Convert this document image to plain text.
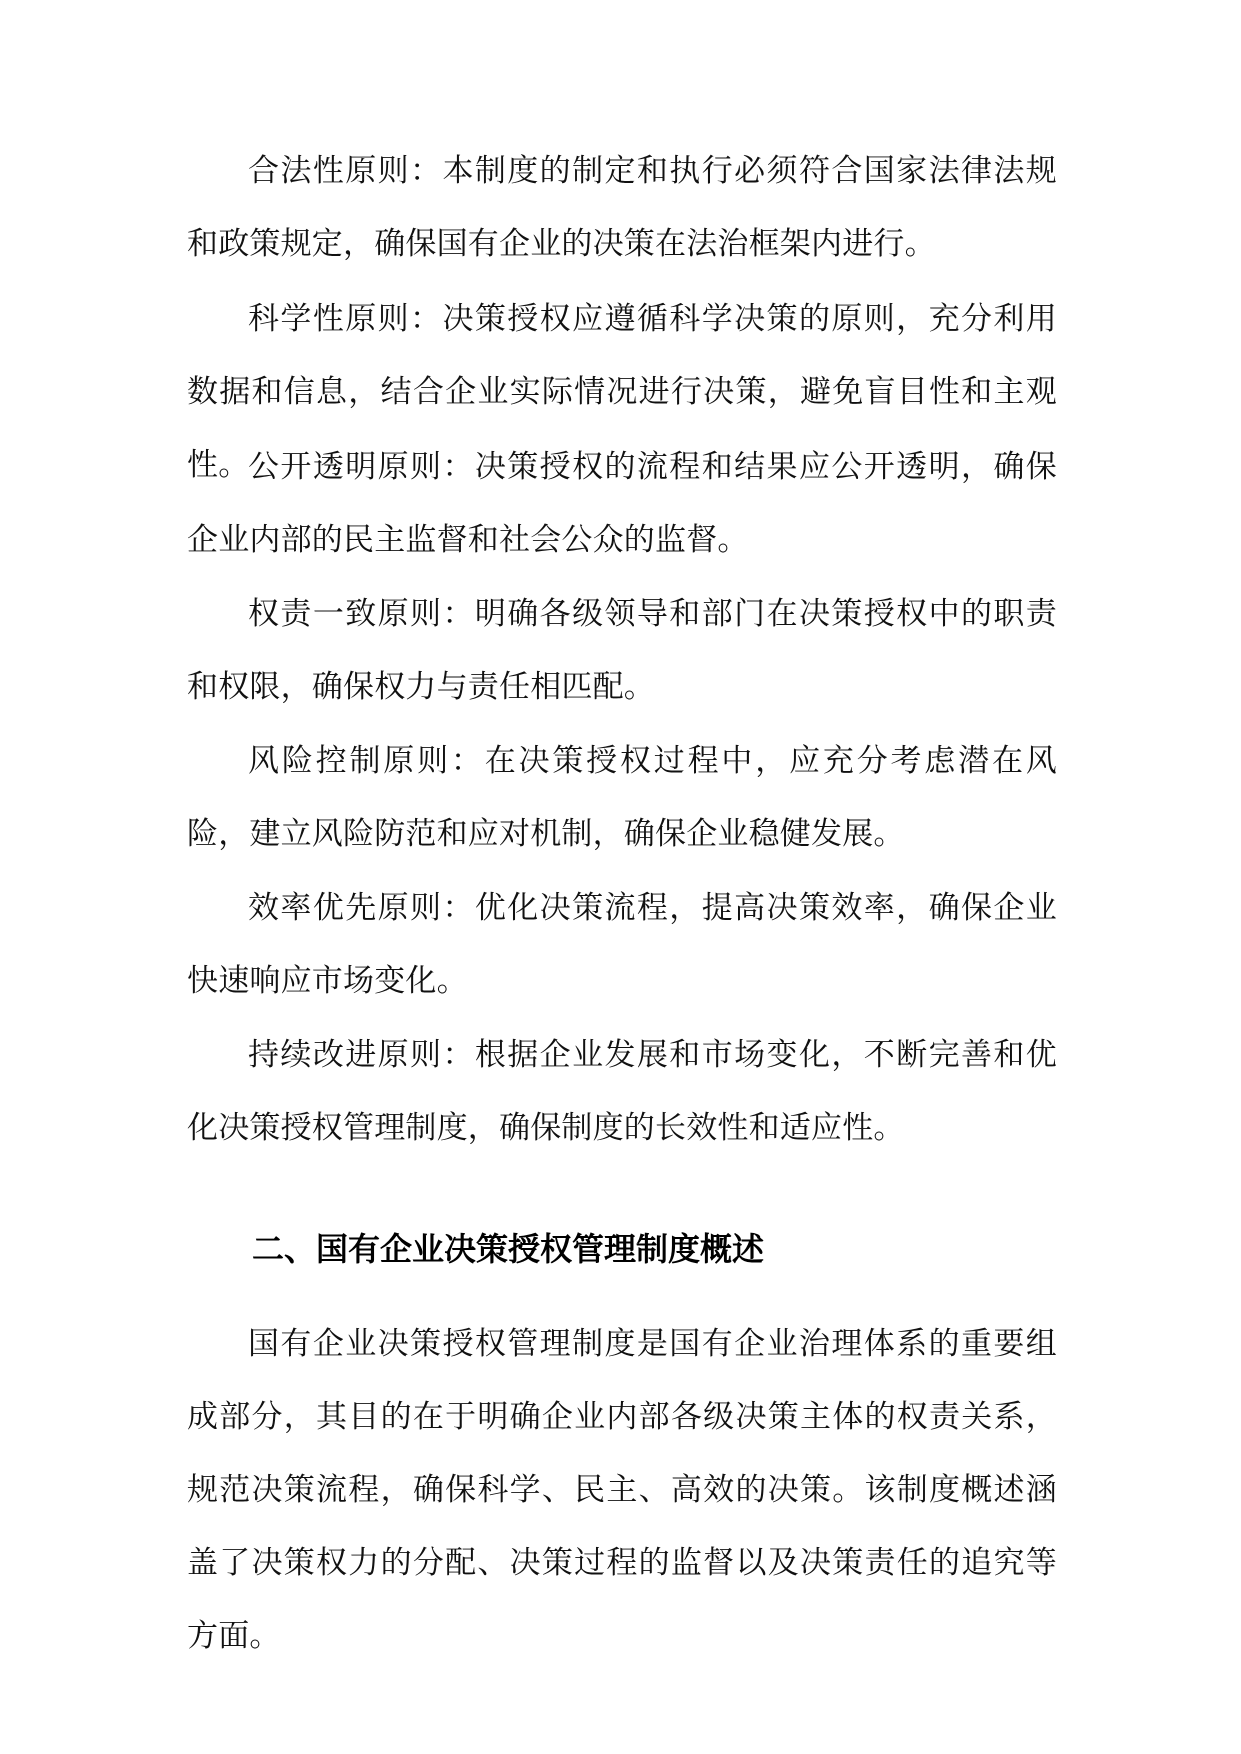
合法性原则：本制度的制定和执行必须符合国家法律法规和政策规定，确保国有企业的决策在法治框架内进行。

科学性原则：决策授权应遵循科学决策的原则，充分利用数据和信息，结合企业实际情况进行决策，避免盲目性和主观性。

公开透明原则：决策授权的流程和结果应公开透明，确保企业内部的民主监督和社会公众的监督。

权责一致原则：明确各级领导和部门在决策授权中的职责和权限，确保权力与责任相匹配。

风险控制原则：在决策授权过程中，应充分考虑潜在风险，建立风险防范和应对机制，确保企业稳健发展。

效率优先原则：优化决策流程，提高决策效率，确保企业快速响应市场变化。

持续改进原则：根据企业发展和市场变化，不断完善和优化决策授权管理制度，确保制度的长效性和适应性。

二、国有企业决策授权管理制度概述

国有企业决策授权管理制度是国有企业治理体系的重要组成部分，其目的在于明确企业内部各级决策主体的权责关系，规范决策流程，确保科学、民主、高效的决策。该制度概述涵盖了决策权力的分配、决策过程的监督以及决策责任的追究等方面。
